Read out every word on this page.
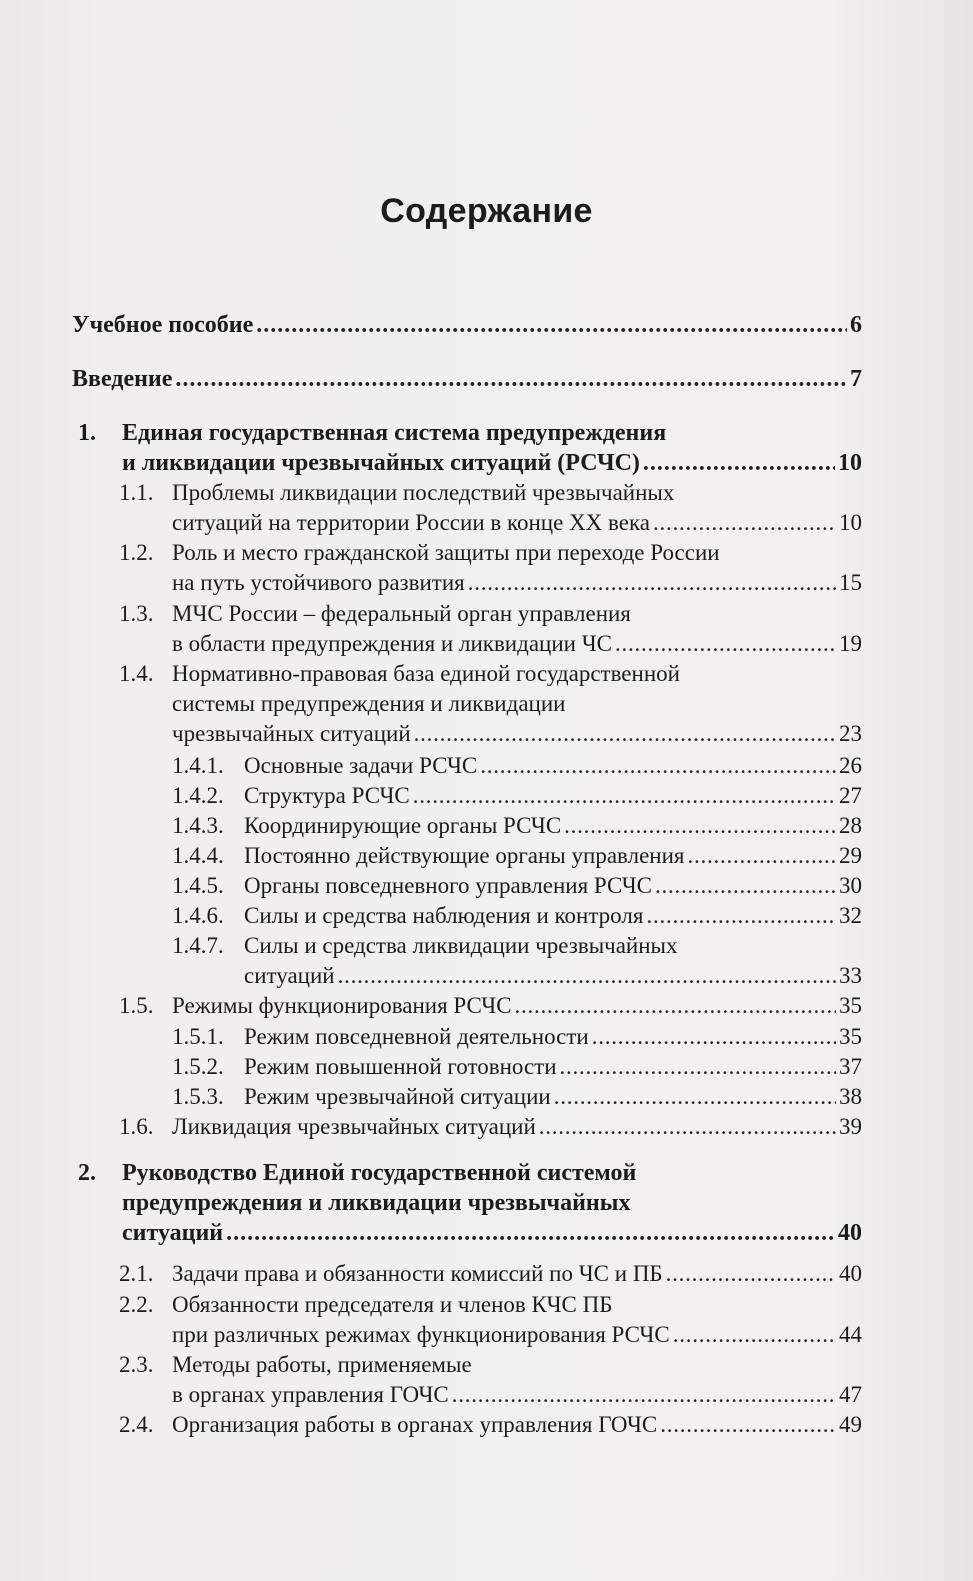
Содержание
Учебное пособие . . .	6
Введение . . .	7
1. Единая государственная система предупреждения
и ликвидации чрезвычайных ситуаций (РСЧС) . . .	10
1.1. Проблемы ликвидации последствий чрезвычайных
ситуаций на территории России в конце XX века . . .	10
1.2. Роль и место гражданской защиты при переходе России
на путь устойчивого развития . . .	15
1.3. МЧС России – федеральный орган управления
в области предупреждения и ликвидации ЧС . . .	19
1.4. Нормативно-правовая база единой государственной
системы предупреждения и ликвидации
чрезвычайных ситуаций . . .	23
1.4.1. Основные задачи РСЧС . . .	26
1.4.2. Структура РСЧС . . .	27
1.4.3. Координирующие органы РСЧС . . .	28
1.4.4. Постоянно действующие органы управления . . .	29
1.4.5. Органы повседневного управления РСЧС . . .	30
1.4.6. Силы и средства наблюдения и контроля . . .	32
1.4.7. Силы и средства ликвидации чрезвычайных
ситуаций . . .	33
1.5. Режимы функционирования РСЧС . . .	35
1.5.1. Режим повседневной деятельности . . .	35
1.5.2. Режим повышенной готовности . . .	37
1.5.3. Режим чрезвычайной ситуации . . .	38
1.6. Ликвидация чрезвычайных ситуаций . . .	39
2. Руководство Единой государственной системой
предупреждения и ликвидации чрезвычайных
ситуаций . . .	40
2.1. Задачи права и обязанности комиссий по ЧС и ПБ . . .	40
2.2. Обязанности председателя и членов КЧС ПБ
при различных режимах функционирования РСЧС . . .	44
2.3. Методы работы, применяемые
в органах управления ГОЧС . . .	47
2.4. Организация работы в органах управления ГОЧС . . .	49
